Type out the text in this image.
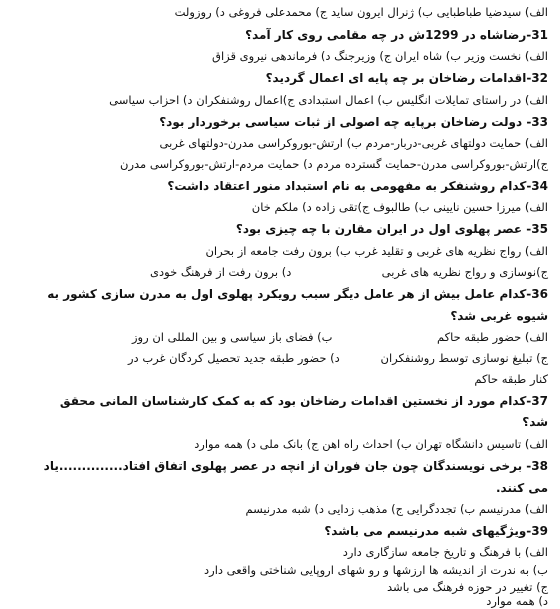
الف) سیدضیا طباطبایی ب) ژنرال ایرون ساید ج) محمدعلی فروغی د) روزولت
31-رضاشاه در 1299ش در چه مقامی روی کار آمد؟
الف) نخست وزیر ب) شاه ایران ج) وزیرجنگ د) فرماندهی نیروی قزاق
32-اقدامات رضاخان بر چه پایه ای اعمال گردید؟
الف) در راستای تمایلات انگلیس ب) اعمال استبدادی ج)اعمال روشنفکران د) احزاب سیاسی
33- دولت رضاخان برپایه چه اصولی از ثبات سیاسی برخوردار بود؟
الف) حمایت دولتهای غربی-دربار-مردم ب) ارتش-بوروکراسی مدرن-دولتهای غربی
ج)ارتش-بوروکراسی مدرن-حمایت گسترده مردم د) حمایت مردم-ارتش-بوروکراسی مدرن
34-کدام روشنفکر به مفهومی به نام استبداد منور اعتقاد داشت؟
الف) میرزا حسین نایینی ب) طالبوف ج)تقی زاده د) ملکم خان
35- عصر پهلوی اول در ایران مقارن با چه چیزی بود؟
الف) رواج نظریه های غربی و تقلید غرب ب) برون رفت جامعه از بحران
ج)نوسازی و رواج نظریه های غربی
د) برون رفت از فرهنگ خودی
36-کدام عامل بیش از هر عامل دیگر سبب رویکرد پهلوی اول به مدرن سازی کشور به
شیوه غربی شد؟
الف) حضور طبقه حاکم
ب) فضای باز سیاسی و بین المللی ان روز
ج) تبلیغ نوسازی توسط روشنفکران
د) حضور طبقه جدید تحصیل کردگان غرب در
کنار طبقه حاکم
37-کدام مورد از نخستین اقدامات رضاخان بود که به کمک کارشناسان المانی محقق
شد؟
الف) تاسیس دانشگاه تهران ب) احداث راه اهن ج) بانک ملی د) همه موارد
38- برخی نویسندگان چون جان فوران از انچه در عصر پهلوی اتفاق افتاد..............یاد
می کنند.
الف) مدرنیسم ب) تجددگرایی ج) مذهب زدایی د) شبه مدرنیسم
39-ویژگیهای شبه مدرنیسم می باشد؟
الف) با فرهنگ و تاریخ جامعه سازگاری دارد
ب) به ندرت از اندیشه ها ارزشها و رو شهای اروپایی شناختی واقعی دارد
ج) تغییر در حوزه فرهنگ می باشد
د) همه موارد
